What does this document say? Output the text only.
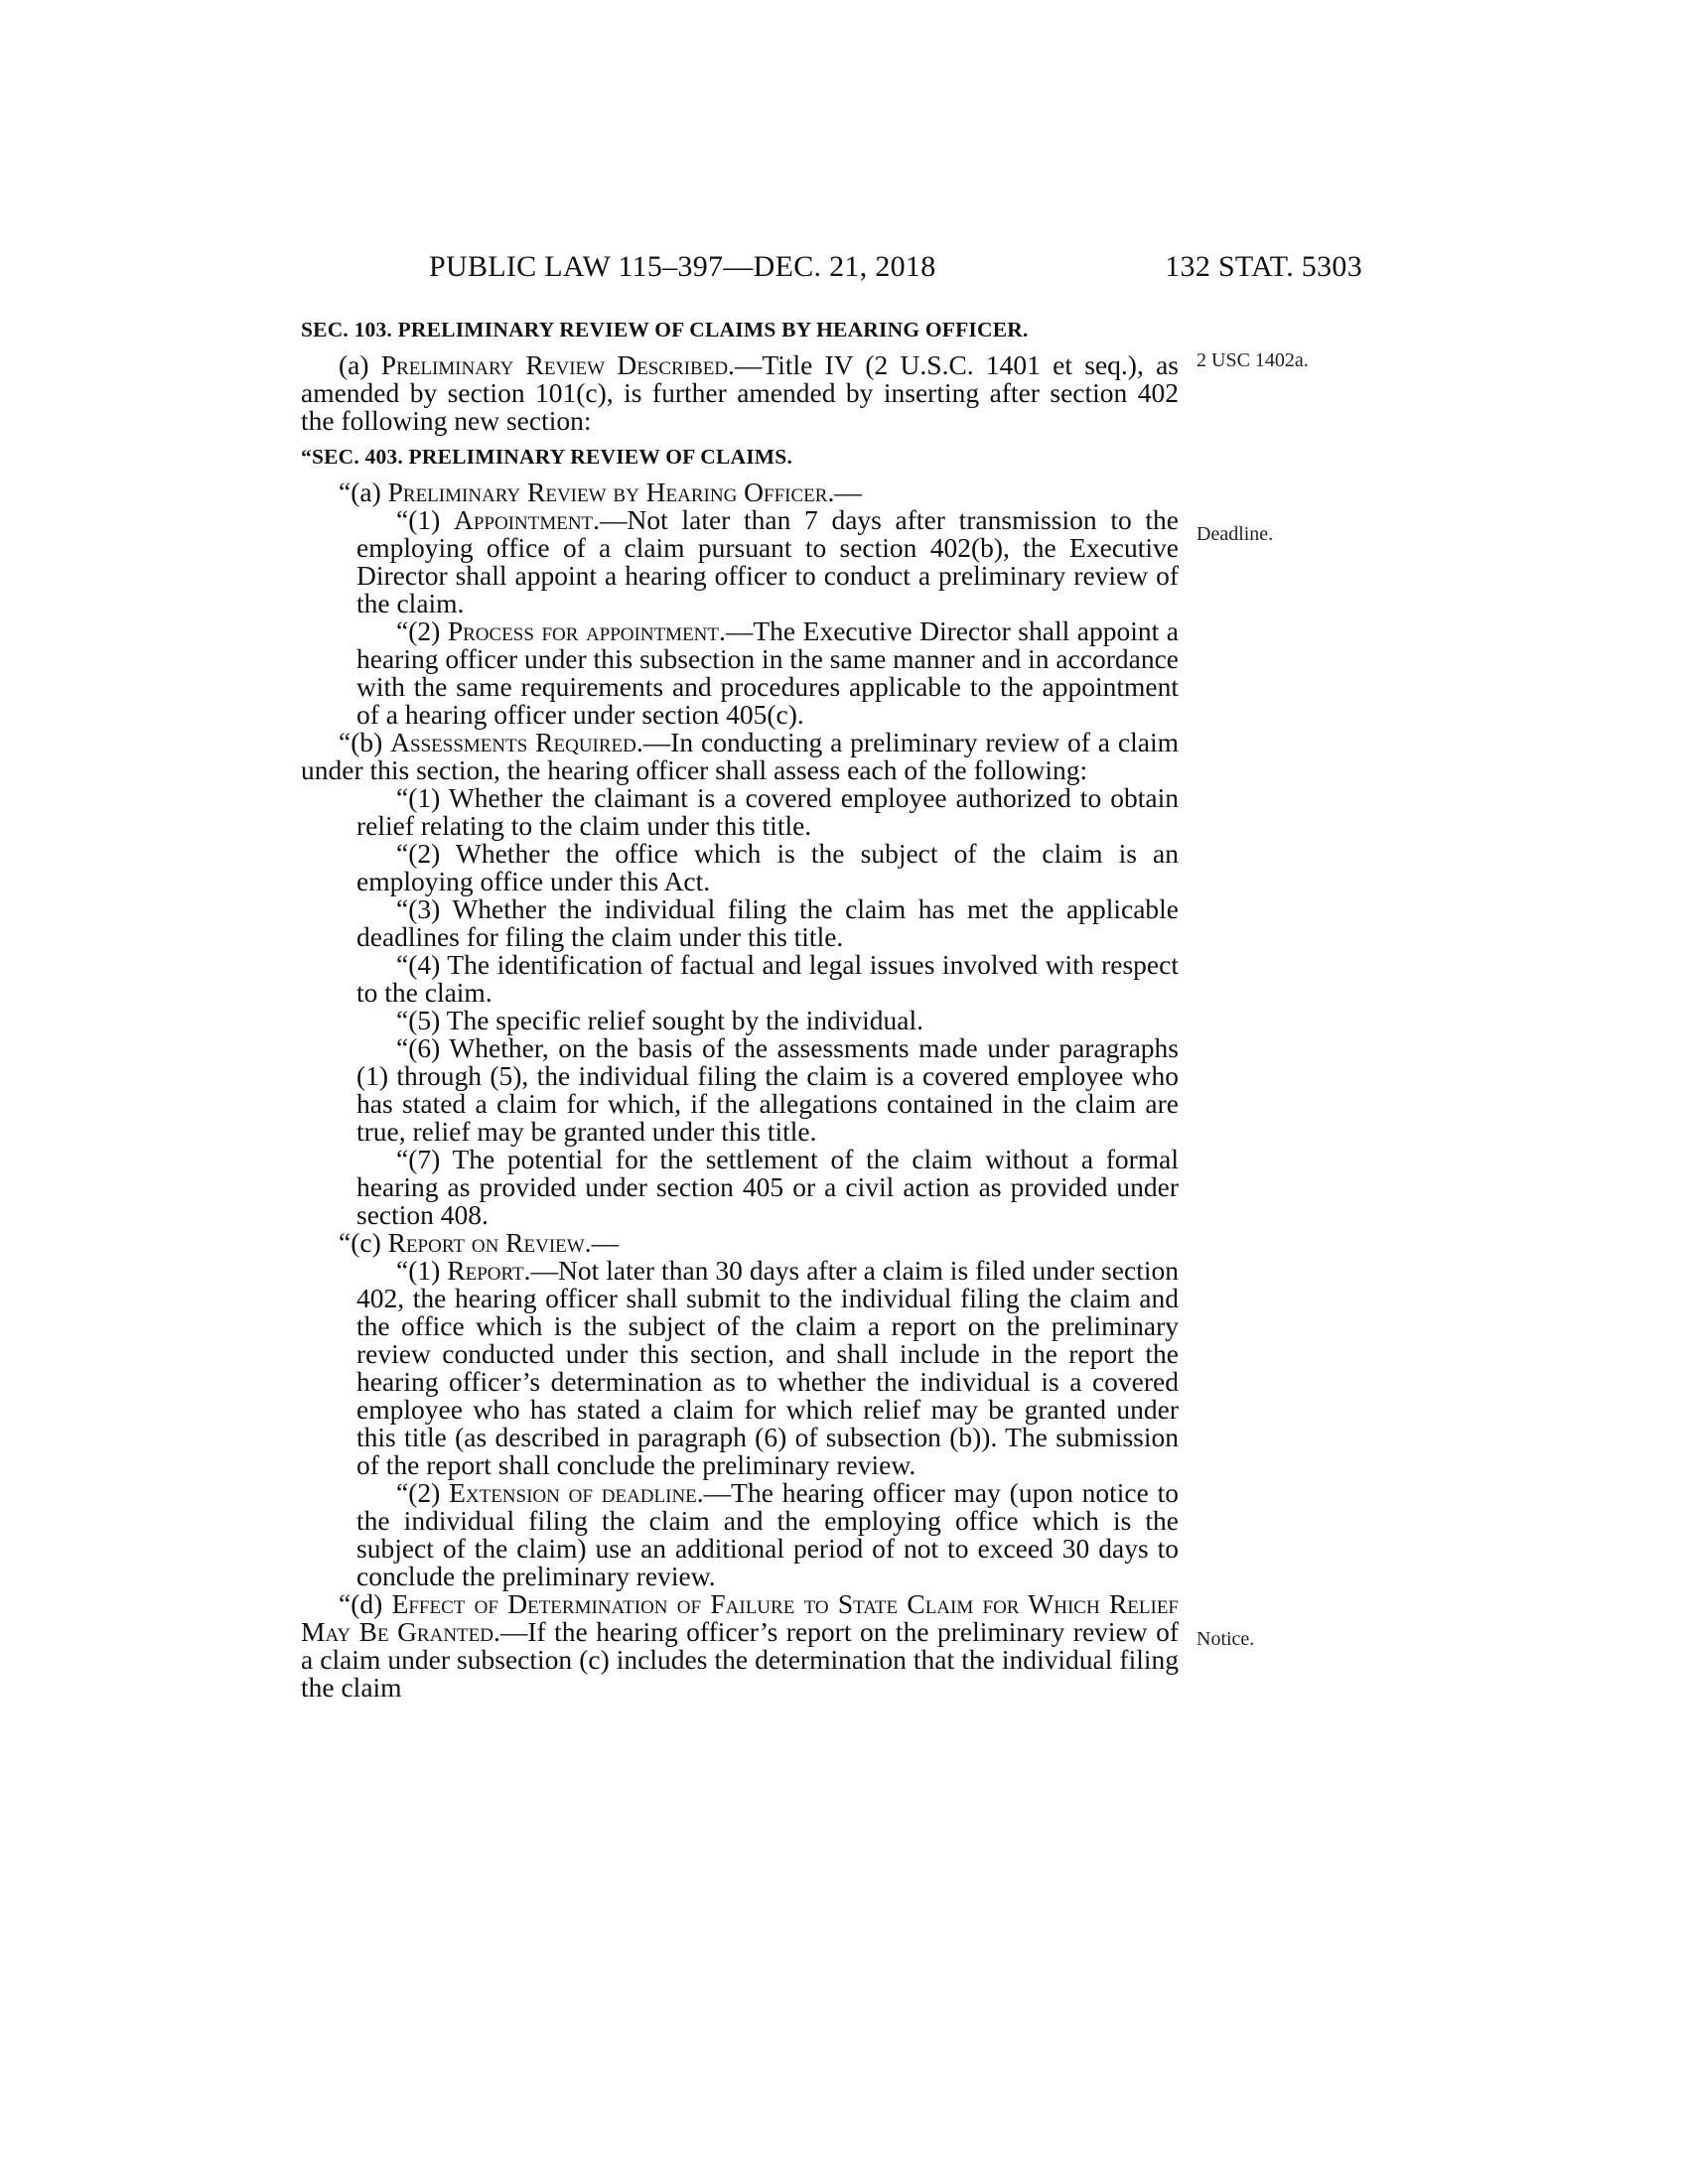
PUBLIC LAW 115–397—DEC. 21, 2018	132 STAT. 5303
SEC. 103. PRELIMINARY REVIEW OF CLAIMS BY HEARING OFFICER.

(a) Preliminary Review Described.—Title IV (2 U.S.C. 1401 et seq.), as amended by section 101(c), is further amended by inserting after section 402 the following new section:

“SEC. 403. PRELIMINARY REVIEW OF CLAIMS.

“(a) Preliminary Review by Hearing Officer.—

“(1) Appointment.—Not later than 7 days after transmission to the employing office of a claim pursuant to section 402(b), the Executive Director shall appoint a hearing officer to conduct a preliminary review of the claim.

“(2) Process for appointment.—The Executive Director shall appoint a hearing officer under this subsection in the same manner and in accordance with the same requirements and procedures applicable to the appointment of a hearing officer under section 405(c).

“(b) Assessments Required.—In conducting a preliminary review of a claim under this section, the hearing officer shall assess each of the following:

“(1) Whether the claimant is a covered employee authorized to obtain relief relating to the claim under this title.

“(2) Whether the office which is the subject of the claim is an employing office under this Act.

“(3) Whether the individual filing the claim has met the applicable deadlines for filing the claim under this title.

“(4) The identification of factual and legal issues involved with respect to the claim.

“(5) The specific relief sought by the individual.

“(6) Whether, on the basis of the assessments made under paragraphs (1) through (5), the individual filing the claim is a covered employee who has stated a claim for which, if the allegations contained in the claim are true, relief may be granted under this title.

“(7) The potential for the settlement of the claim without a formal hearing as provided under section 405 or a civil action as provided under section 408.

“(c) Report on Review.—

“(1) Report.—Not later than 30 days after a claim is filed under section 402, the hearing officer shall submit to the individual filing the claim and the office which is the subject of the claim a report on the preliminary review conducted under this section, and shall include in the report the hearing officer’s determination as to whether the individual is a covered employee who has stated a claim for which relief may be granted under this title (as described in paragraph (6) of subsection (b)). The submission of the report shall conclude the preliminary review.

“(2) Extension of deadline.—The hearing officer may (upon notice to the individual filing the claim and the employing office which is the subject of the claim) use an additional period of not to exceed 30 days to conclude the preliminary review.

“(d) Effect of Determination of Failure to State Claim for Which Relief May Be Granted.—If the hearing officer’s report on the preliminary review of a claim under subsection (c) includes the determination that the individual filing the claim

2 USC 1402a.
Deadline.
Notice.
